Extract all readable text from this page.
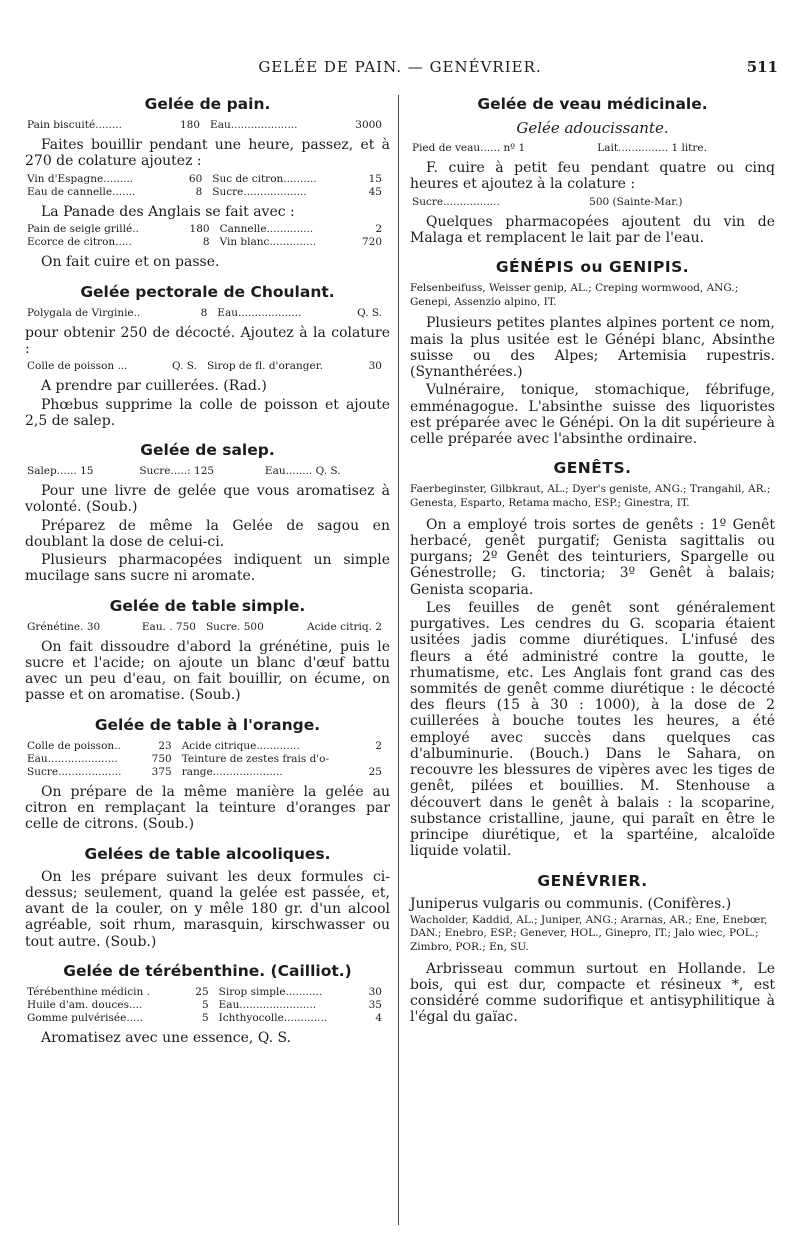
GELÉE DE PAIN. — GENÉVRIER.	511
Gelée de pain.
Pain biscuité........	180	Eau....................	3000

Faites bouillir pendant une heure, passez, et à 270 de colature ajoutez :

Vin d'Espagne.........	60	Suc de citron..........	15
Eau de cannelle.......	8	Sucre...................	45

La Panade des Anglais se fait avec :

Pain de seigle grillé..	180	Cannelle..............	2
Ecorce de citron.....	8	Vin blanc..............	720

On fait cuire et on passe.

Gelée pectorale de Choulant.
Polygala de Virginie..	8	Eau...................	Q. S.

pour obtenir 250 de décocté. Ajoutez à la colature :

Colle de poisson ...	Q. S.	Sirop de fl. d'oranger.	30

A prendre par cuillerées. (Rad.)

Phœbus supprime la colle de poisson et ajoute 2,5 de salep.

Gelée de salep.
Salep...... 15	Sucre.....: 125	Eau........ Q. S.

Pour une livre de gelée que vous aromatisez à volonté. (Soub.)

Préparez de même la Gelée de sagou en doublant la dose de celui-ci.

Plusieurs pharmacopées indiquent un simple mucilage sans sucre ni aromate.

Gelée de table simple.
Grénétine. 30	Eau. . 750	Sucre. 500	Acide citriq. 2

On fait dissoudre d'abord la grénétine, puis le sucre et l'acide; on ajoute un blanc d'œuf battu avec un peu d'eau, on fait bouillir, on écume, on passe et on aromatise. (Soub.)

Gelée de table à l'orange.
Colle de poisson..	23	Acide citrique.............	2
Eau.....................	750	Teinture de zestes frais d'o-	
Sucre...................	375	range.....................	25

On prépare de la même manière la gelée au citron en remplaçant la teinture d'oranges par celle de citrons. (Soub.)

Gelées de table alcooliques.

On les prépare suivant les deux formules ci-dessus; seulement, quand la gelée est passée, et, avant de la couler, on y mêle 180 gr. d'un alcool agréable, soit rhum, marasquin, kirschwasser ou tout autre. (Soub.)

Gelée de térébenthine. (Cailliot.)
Térébenthine médicin .	25	Sirop simple...........	30
Huile d'am. douces....	5	Eau.......................	35
Gomme pulvérisée.....	5	Ichthyocolle.............	4

Aromatisez avec une essence, Q. S.

Gelée de veau médicinale.
Gelée adoucissante.
Pied de veau...... nº 1	Lait............... 1 litre.

F. cuire à petit feu pendant quatre ou cinq heures et ajoutez à la colature :

Sucre.................	500 (Sainte-Mar.)

Quelques pharmacopées ajoutent du vin de Malaga et remplacent le lait par de l'eau.

GÉNÉPIS ou GENIPIS.
Felsenbeifuss, Weisser genip, AL.; Creping wormwood, ANG.; Genepi, Assenzio alpino, IT.

Plusieurs petites plantes alpines portent ce nom, mais la plus usitée est le Génépi blanc, Absinthe suisse ou des Alpes; Artemisia rupestris. (Synanthérées.)

Vulnéraire, tonique, stomachique, fébrifuge, emménagogue. L'absinthe suisse des liquoristes est préparée avec le Génépi. On la dit supérieure à celle préparée avec l'absinthe ordinaire.

GENÊTS.
Faerbeginster, Gilbkraut, AL.; Dyer's geniste, ANG.; Trangahil, AR.; Genesta, Esparto, Retama macho, ESP.; Ginestra, IT.

On a employé trois sortes de genêts : 1º Genêt herbacé, genêt purgatif; Genista sagittalis ou purgans; 2º Genêt des teinturiers, Spargelle ou Génestrolle; G. tinctoria; 3º Genêt à balais; Genista scoparia.

Les feuilles de genêt sont généralement purgatives. Les cendres du G. scoparia étaient usitées jadis comme diurétiques. L'infusé des fleurs a été administré contre la goutte, le rhumatisme, etc. Les Anglais font grand cas des sommités de genêt comme diurétique : le décocté des fleurs (15 à 30 : 1000), à la dose de 2 cuillerées à bouche toutes les heures, a été employé avec succès dans quelques cas d'albuminurie. (Bouch.) Dans le Sahara, on recouvre les blessures de vipères avec les tiges de genêt, pilées et bouillies. M. Stenhouse a découvert dans le genêt à balais : la scoparine, substance cristalline, jaune, qui paraît en être le principe diurétique, et la spartéine, alcaloïde liquide volatil.

GENÉVRIER.

Juniperus vulgaris ou communis. (Conifères.)

Wacholder, Kaddid, AL.; Juniper, ANG.; Ararnas, AR.; Ene, Enebœr, DAN.; Enebro, ESP.; Genever, HOL., Ginepro, IT.; Jalo wiec, POL.; Zimbro, POR.; En, SU.

Arbrisseau commun surtout en Hollande. Le bois, qui est dur, compacte et résineux *, est considéré comme sudorifique et antisyphilitique à l'égal du gaïac.
